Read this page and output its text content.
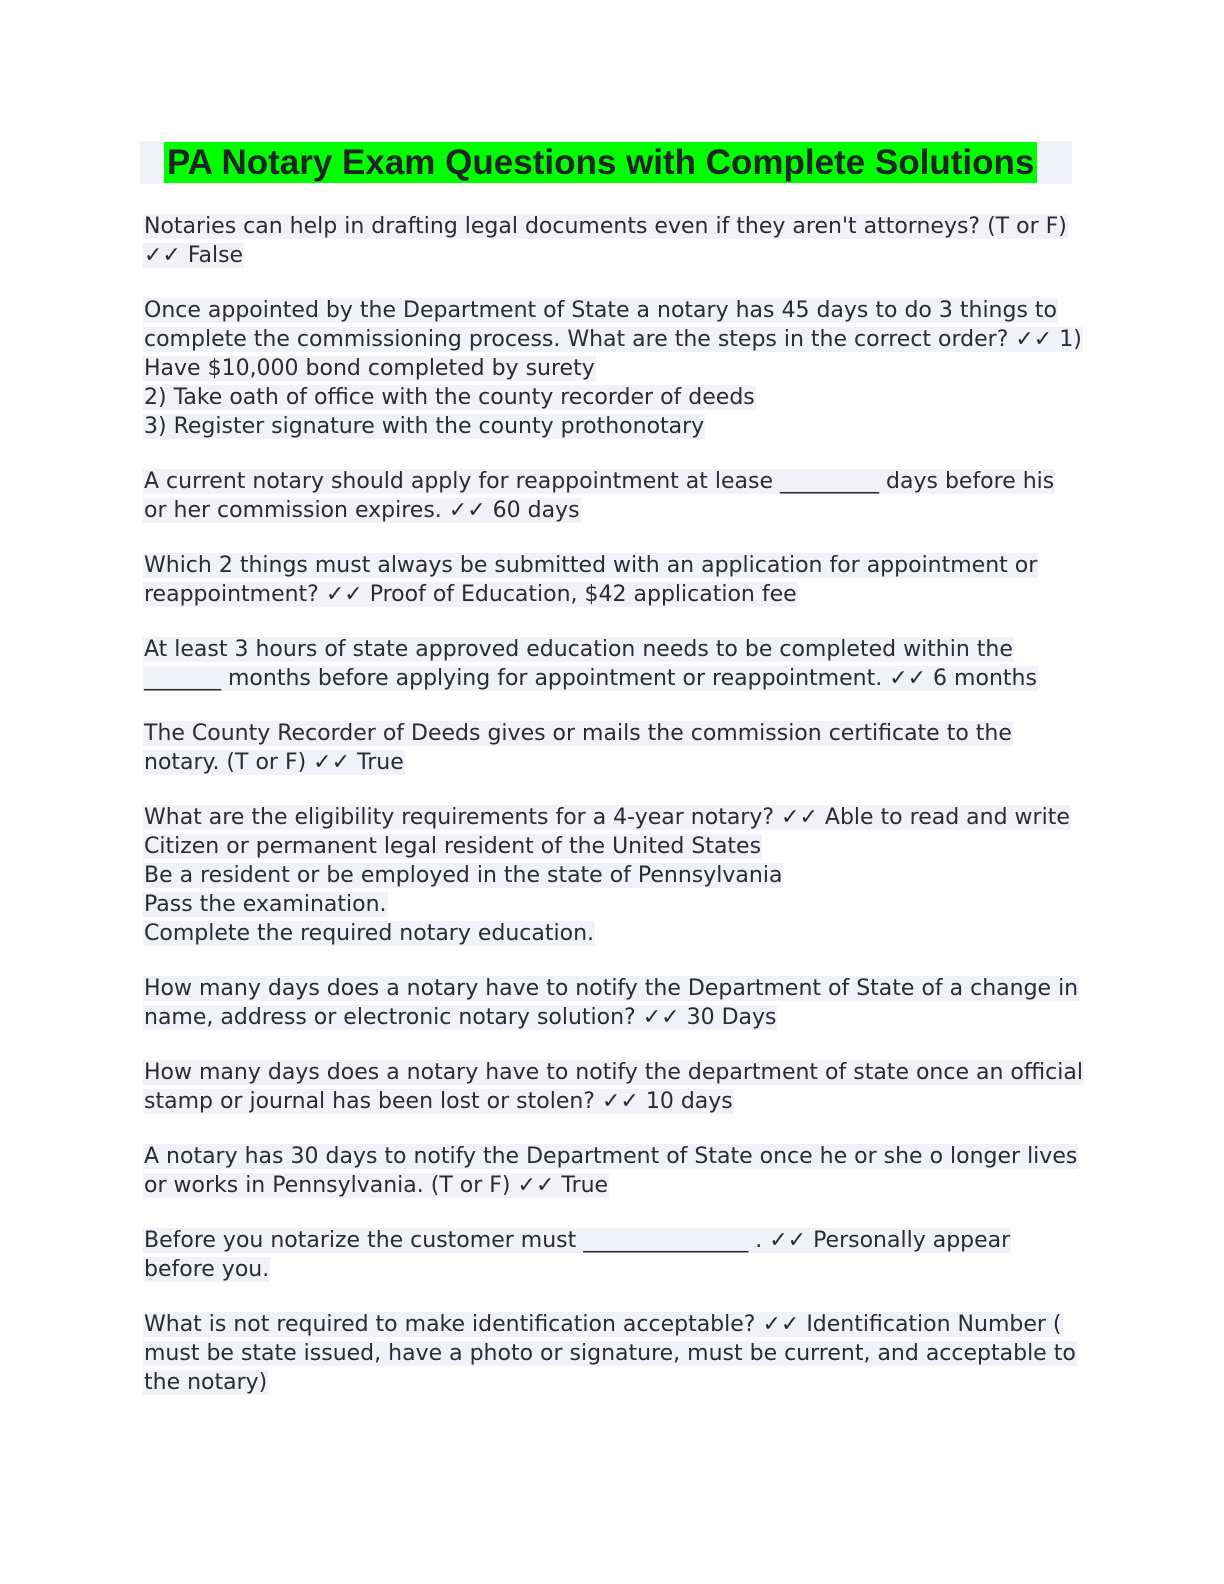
PA Notary Exam Questions with Complete Solutions

Notaries can help in drafting legal documents even if they aren't attorneys? (T or F) ✓✓ False

Once appointed by the Department of State a notary has 45 days to do 3 things to complete the commissioning process. What are the steps in the correct order? ✓✓ 1) Have $10,000 bond completed by surety
2) Take oath of office with the county recorder of deeds
3) Register signature with the county prothonotary

A current notary should apply for reappointment at lease _________ days before his or her commission expires. ✓✓ 60 days

Which 2 things must always be submitted with an application for appointment or reappointment? ✓✓ Proof of Education, $42 application fee

At least 3 hours of state approved education needs to be completed within the _______ months before applying for appointment or reappointment. ✓✓ 6 months

The County Recorder of Deeds gives or mails the commission certificate to the notary. (T or F) ✓✓ True

What are the eligibility requirements for a 4-year notary? ✓✓ Able to read and write
Citizen or permanent legal resident of the United States
Be a resident or be employed in the state of Pennsylvania
Pass the examination.
Complete the required notary education.

How many days does a notary have to notify the Department of State of a change in name, address or electronic notary solution? ✓✓ 30 Days

How many days does a notary have to notify the department of state once an official stamp or journal has been lost or stolen? ✓✓ 10 days

A notary has 30 days to notify the Department of State once he or she o longer lives or works in Pennsylvania. (T or F) ✓✓ True

Before you notarize the customer must _______________ . ✓✓ Personally appear before you.

What is not required to make identification acceptable? ✓✓ Identification Number ( must be state issued, have a photo or signature, must be current, and acceptable to the notary)
